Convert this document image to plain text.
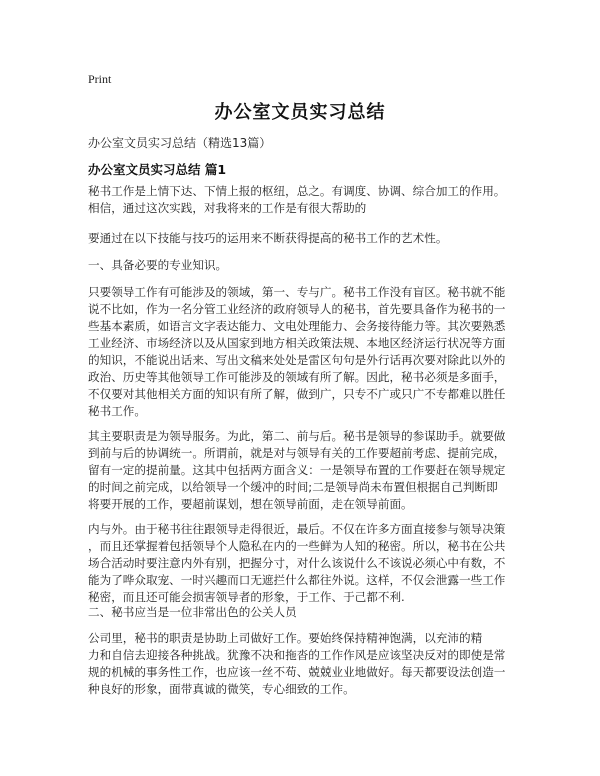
Print
办公室文员实习总结
办公室文员实习总结（精选13篇）
办公室文员实习总结 篇1
秘书工作是上情下达、下情上报的枢纽，总之。有调度、协调、综合加工的作用。
相信，通过这次实践，对我将来的工作是有很大帮助的
要通过在以下技能与技巧的运用来不断获得提高的秘书工作的艺术性。
一、具备必要的专业知识。
只要领导工作有可能涉及的领域，第一、专与广。秘书工作没有盲区。秘书就不能
说不比如，作为一名分管工业经济的政府领导人的秘书，首先要具备作为秘书的一
些基本素质，如语言文字表达能力、文电处理能力、会务接待能力等。其次要熟悉
工业经济、市场经济以及从国家到地方相关政策法规、本地区经济运行状况等方面
的知识，不能说出话来、写出文稿来处处是雷区句句是外行话再次要对除此以外的
政治、历史等其他领导工作可能涉及的领域有所了解。因此，秘书必须是多面手，
不仅要对其他相关方面的知识有所了解，做到广，只专不广或只广不专都难以胜任
秘书工作。
其主要职责是为领导服务。为此，第二、前与后。秘书是领导的参谋助手。就要做
到前与后的协调统一。所谓前，就是对与领导有关的工作要超前考虑、提前完成，
留有一定的提前量。这其中包括两方面含义：一是领导布置的工作要赶在领导规定
的时间之前完成，以给领导一个缓冲的时间;二是领导尚未布置但根据自己判断即
将要开展的工作，要超前谋划，想在领导前面，走在领导前面。
内与外。由于秘书往往跟领导走得很近，最后。不仅在许多方面直接参与领导决策
，而且还掌握着包括领导个人隐私在内的一些鲜为人知的秘密。所以，秘书在公共
场合活动时要注意内外有别，把握分寸，对什么该说什么不该说必须心中有数，不
能为了哗众取宠、一时兴趣而口无遮拦什么都往外说。这样，不仅会泄露一些工作
秘密，而且还可能会损害领导者的形象，于工作、于己都不利.
二、秘书应当是一位非常出色的公关人员
公司里，秘书的职责是协助上司做好工作。要始终保持精神饱满，以充沛的精
力和自信去迎接各种挑战。犹豫不决和拖沓的工作作风是应该坚决反对的即使是常
规的机械的事务性工作，也应该一丝不苟、兢兢业业地做好。每天都要设法创造一
种良好的形象，面带真诚的微笑，专心细致的工作。
